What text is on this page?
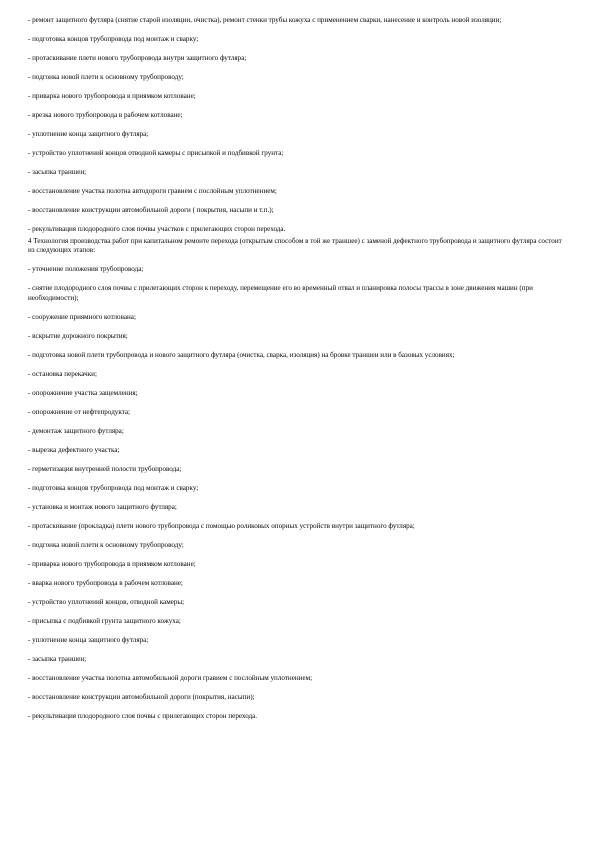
- ремонт защитного футляра (снятие старой изоляции, очистка), ремонт стенки трубы кожуха с применением сварки, нанесение и контроль новой изоляции;

- подготовка концов трубопровода под монтаж и сварку;

- протаскивание плети нового трубопровода внутри защитного футляра;

- подгонка новой плети к основному трубопроводу;

- приварка нового трубопровода в приямком котловане;

- врезка нового трубопровода в рабочем котловане;

- уплотнение конца защитного футляра;

- устройство уплотнений концов отводной камеры с присыпкой и подбивкой грунта;

- засыпка траншеи;

- восстановление участка полотна автодороги гравием с послойным уплотнением;

- восстановление конструкции автомобильной дороги ( покрытия, насыпи и т.п.);

- рекультивация плодородного слоя почвы участков с прилегающих сторон перехода.

4 Технология производства работ при капитальном ремонте перехода (открытым способом в той же траншее) с заменой дефектного трубопровода и защитного футляра состоит из следующих этапов:

- уточнение положения трубопровода;

- снятие плодородного слоя почвы с прилегающих сторон к переходу, перемещение его во временный отвал и планировка полосы трассы в зоне движения машин (при необходимости);

- сооружение приямного котлована;

- вскрытие дорожного покрытия;

- подготовка новой плети трубопровода и нового защитного футляра (очистка, сварка, изоляция) на бровке траншеи или в базовых условиях;

- остановка перекачки;

- опорожнение участка защемления;

- опорожнение от нефтепродукта;

- демонтаж защитного футляра;

- вырезка дефектного участка;

- герметизация внутренней полости трубопровода;

- подготовка концов трубопровода под монтаж и сварку;

- установка и монтаж нового защитного футляра;

- протаскивание (прокладка) плети нового трубопровода с помощью роликовых опорных устройств внутри защитного футляра;

- подгонка новой плети к основному трубопроводу;

- приварка нового трубопровода в приямком котловане;

- вварка нового трубопровода в рабочем котловане;

- устройство уплотнений концов, отводной камеры;

- присыпка с подбивкой грунта защитного кожуха;

- уплотнение конца защитного футляра;

- засыпка траншеи;

- восстановление участка полотна автомобильной дороги гравием с послойным уплотнением;

- восстановление конструкции автомобильной дороги (покрытия, насыпи);

- рекультивация плодородного слоя почвы с прилегающих сторон перехода.
